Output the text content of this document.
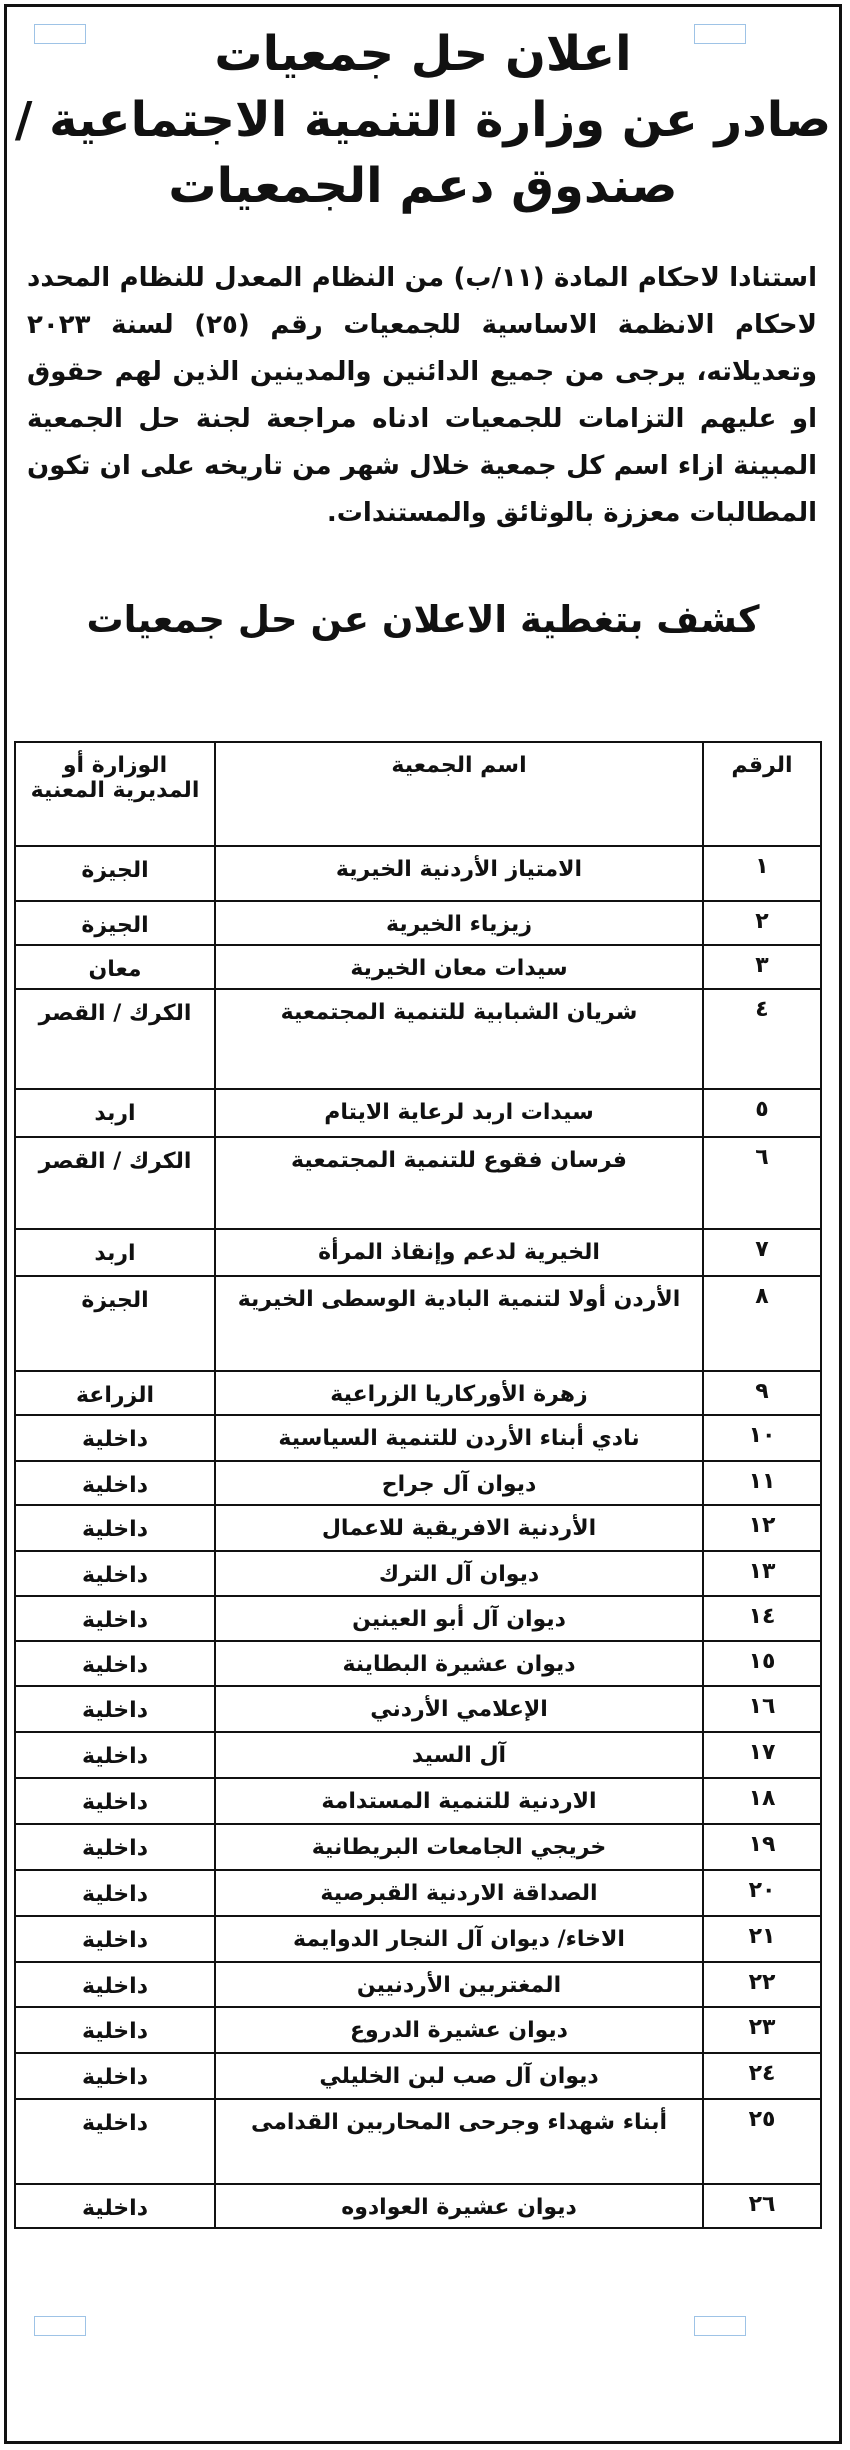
اعلان حل جمعيات
صادر عن وزارة التنمية الاجتماعية /
صندوق دعم الجمعيات
استنادا لاحكام المادة (١١/ب) من النظام المعدل للنظام المحدد لاحكام الانظمة الاساسية للجمعيات رقم (٢٥) لسنة ٢٠٢٣ وتعديلاته، يرجى من جميع الدائنين والمدينين الذين لهم حقوق او عليهم التزامات للجمعيات ادناه مراجعة لجنة حل الجمعية المبينة ازاء اسم كل جمعية خلال شهر من تاريخه على ان تكون المطالبات معززة بالوثائق والمستندات.
كشف بتغطية الاعلان عن حل جمعيات
الرقم	اسم الجمعية	الوزارة أو المديرية المعنية
١	الامتياز الأردنية الخيرية	الجيزة
٢	زيزياء الخيرية	الجيزة
٣	سيدات معان الخيرية	معان
٤	شريان الشبابية للتنمية المجتمعية	الكرك / القصر
٥	سيدات اربد لرعاية الايتام	اربد
٦	فرسان فقوع للتنمية المجتمعية	الكرك / القصر
٧	الخيرية لدعم وإنقاذ المرأة	اربد
٨	الأردن أولا لتنمية البادية الوسطى الخيرية	الجيزة
٩	زهرة الأوركاريا الزراعية	الزراعة
١٠	نادي أبناء الأردن للتنمية السياسية	داخلية
١١	ديوان آل جراح	داخلية
١٢	الأردنية الافريقية للاعمال	داخلية
١٣	ديوان آل الترك	داخلية
١٤	ديوان آل أبو العينين	داخلية
١٥	ديوان عشيرة البطاينة	داخلية
١٦	الإعلامي الأردني	داخلية
١٧	آل السيد	داخلية
١٨	الاردنية للتنمية المستدامة	داخلية
١٩	خريجي الجامعات البريطانية	داخلية
٢٠	الصداقة الاردنية القبرصية	داخلية
٢١	الاخاء/ ديوان آل النجار الدوايمة	داخلية
٢٢	المغتربين الأردنيين	داخلية
٢٣	ديوان عشيرة الدروع	داخلية
٢٤	ديوان آل صب لبن الخليلي	داخلية
٢٥	أبناء شهداء وجرحى المحاربين القدامى	داخلية
٢٦	ديوان عشيرة العوادوه	داخلية
